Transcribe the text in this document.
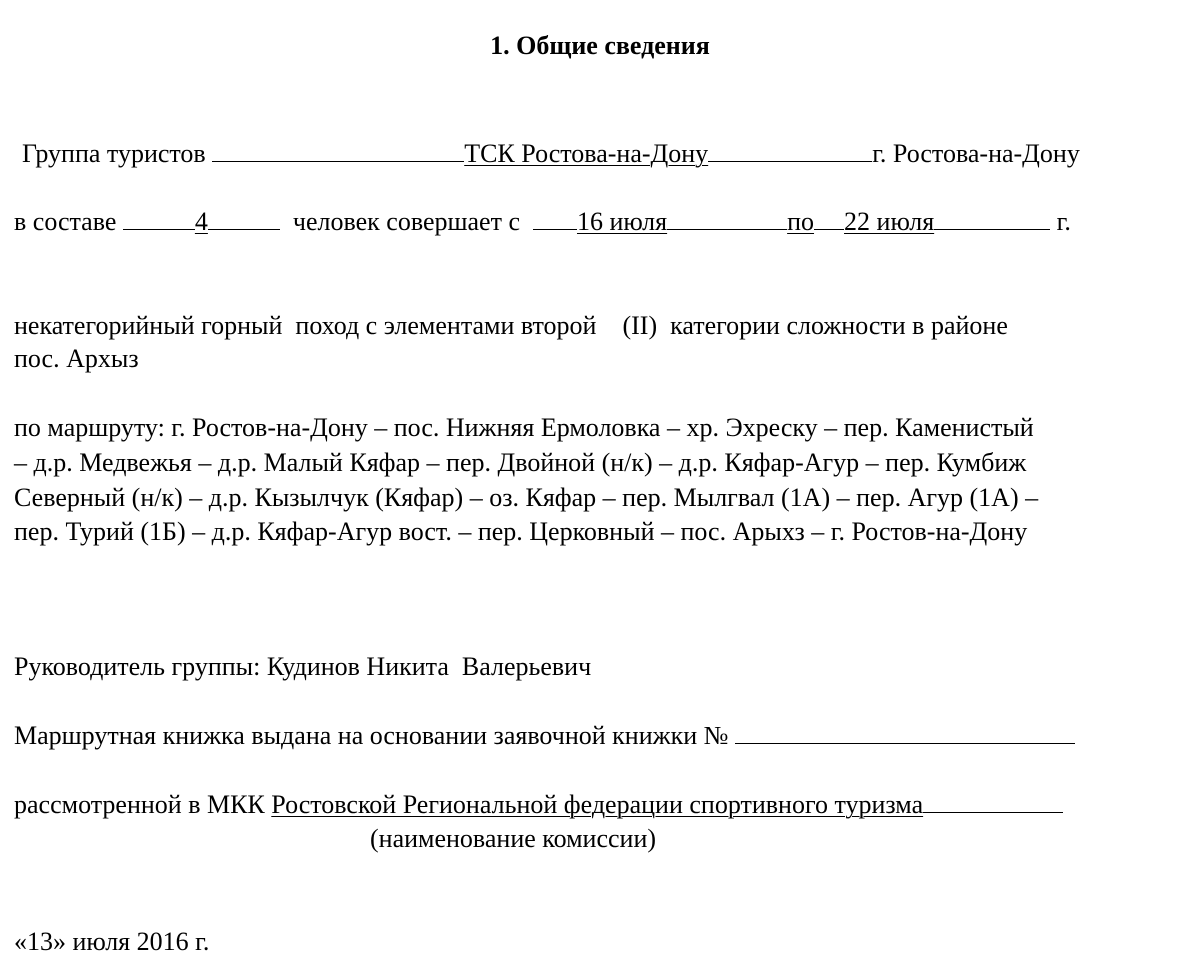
1. Общие сведения
Группа туристов	ТСК Ростова-на-Дону	г. Ростова-на-Дону
в составе	4	человек совершает с 16 июля	по 22 июля	г.
некатегорийный горный  поход с элементами второй    (II)  категории сложности в районе
пос. Архыз
по маршруту: г. Ростов-на-Дону – пос. Нижняя Ермоловка – хр. Эхреску – пер. Каменистый
– д.р. Медвежья – д.р. Малый Кяфар – пер. Двойной (н/к) – д.р. Кяфар-Агур – пер. Кумбиж
Северный (н/к) – д.р. Кызылчук (Кяфар) – оз. Кяфар – пер. Мылгвал (1А) – пер. Агур (1А) –
пер. Турий (1Б) – д.р. Кяфар-Агур вост. – пер. Церковный – пос. Арыхз – г. Ростов-на-Дону
Руководитель группы: Кудинов Никита  Валерьевич
Маршрутная книжка выдана на основании заявочной книжки №
рассмотренной в МКК Ростовской Региональной федерации спортивного туризма
(наименование комиссии)
«13» июля 2016 г.
